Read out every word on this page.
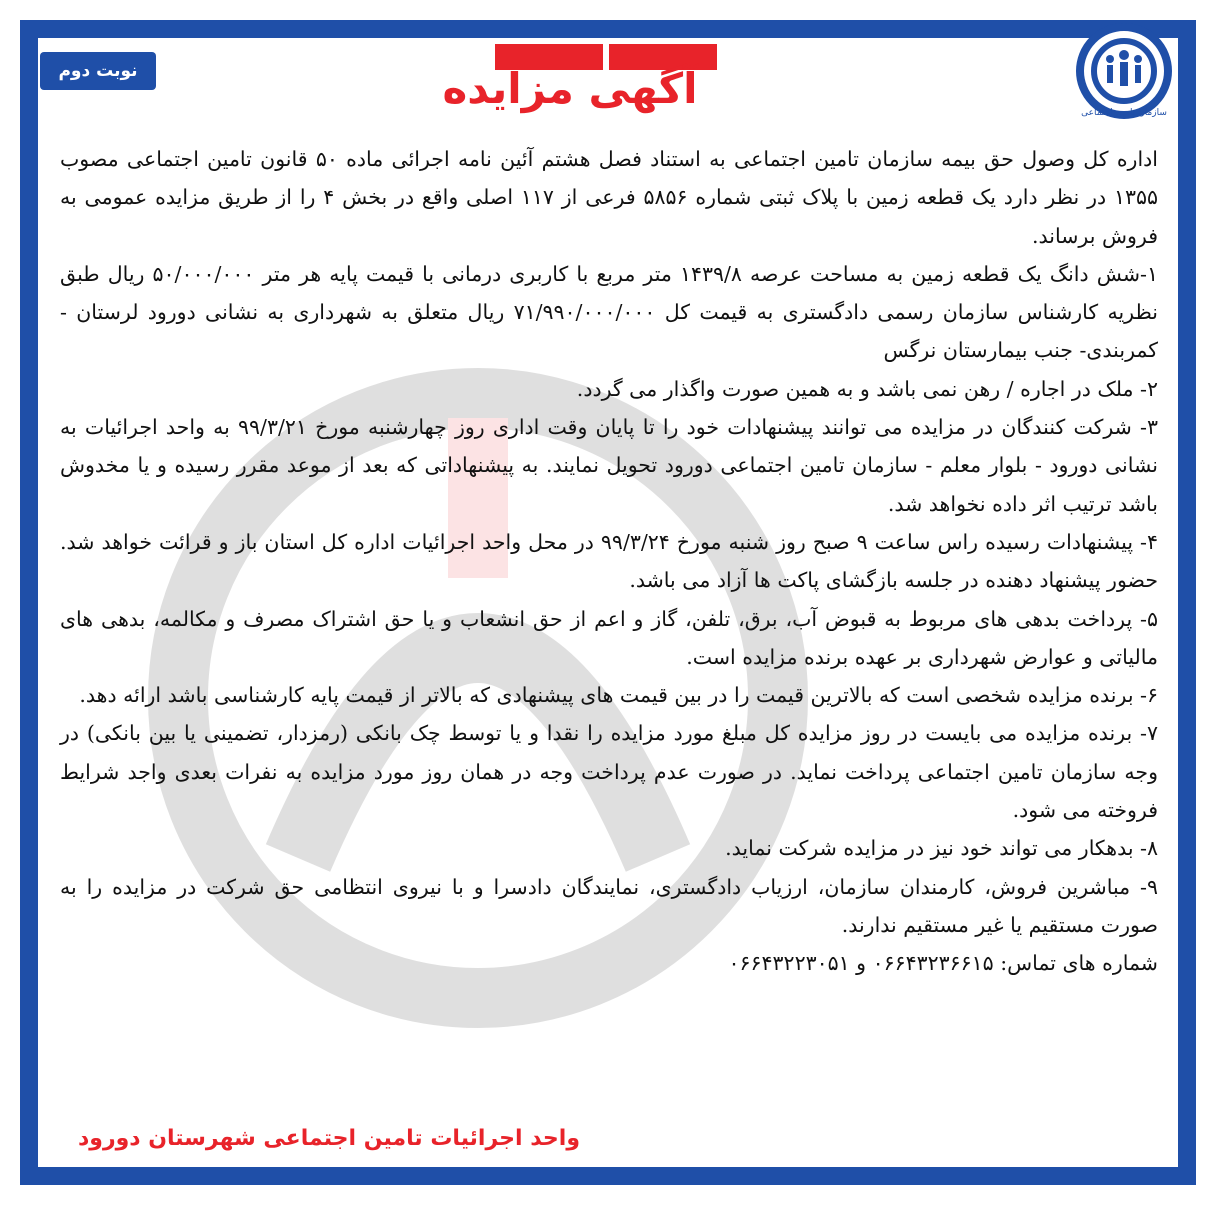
نوبت دوم
سازمان تامین اجتماعی
آگهی مزایده

اداره کل وصول حق بیمه سازمان تامین اجتماعی به استناد فصل هشتم آئین نامه اجرائی ماده ۵۰ قانون تامین اجتماعی مصوب ۱۳۵۵ در نظر دارد یک قطعه زمین با پلاک ثبتی شماره ۵۸۵۶ فرعی از ۱۱۷ اصلی واقع در بخش ۴ را از طریق مزایده عمومی به فروش برساند.

۱-شش دانگ یک قطعه زمین به مساحت عرصه ۱۴۳۹/۸ متر مربع با کاربری درمانی با قیمت پایه هر متر ۵۰/۰۰۰/۰۰۰ ریال طبق نظریه کارشناس سازمان رسمی دادگستری به قیمت کل ۷۱/۹۹۰/۰۰۰/۰۰۰ ریال متعلق به شهرداری به نشانی دورود لرستان - کمربندی- جنب بیمارستان نرگس

۲- ملک در اجاره / رهن نمی باشد و به همین صورت واگذار می گردد.

۳- شرکت کنندگان در مزایده می توانند پیشنهادات خود را تا پایان وقت اداری روز چهارشنبه مورخ ۹۹/۳/۲۱ به واحد اجرائیات به نشانی دورود - بلوار معلم - سازمان تامین اجتماعی دورود تحویل نمایند. به پیشنهاداتی که بعد از موعد مقرر رسیده و یا مخدوش باشد ترتیب اثر داده نخواهد شد.

۴- پیشنهادات رسیده راس ساعت ۹ صبح روز شنبه مورخ ۹۹/۳/۲۴ در محل واحد اجرائیات اداره کل استان باز و قرائت خواهد شد. حضور پیشنهاد دهنده در جلسه بازگشای پاکت ها آزاد می باشد.

۵- پرداخت بدهی های مربوط به قبوض آب، برق، تلفن، گاز و اعم از حق انشعاب و یا حق اشتراک مصرف و مکالمه، بدهی های مالیاتی و عوارض شهرداری بر عهده برنده مزایده است.

۶- برنده مزایده شخصی است که بالاترین قیمت را در بین قیمت های پیشنهادی که بالاتر از قیمت پایه کارشناسی باشد ارائه دهد.

۷- برنده مزایده می بایست در روز مزایده کل مبلغ مورد مزایده را نقدا و یا توسط چک بانکی (رمزدار، تضمینی یا بین بانکی) در وجه سازمان تامین اجتماعی پرداخت نماید. در صورت عدم پرداخت وجه در همان روز مورد مزایده به نفرات بعدی واجد شرایط فروخته می شود.

۸- بدهکار می تواند خود نیز در مزایده شرکت نماید.

۹- مباشرین فروش، کارمندان سازمان، ارزیاب دادگستری، نمایندگان دادسرا و با نیروی انتظامی حق شرکت در مزایده را به صورت مستقیم یا غیر مستقیم ندارند.

شماره های تماس: ۰۶۶۴۳۲۳۶۶۱۵ و ۰۶۶۴۳۲۲۳۰۵۱

واحد اجرائیات تامین اجتماعی شهرستان دورود
